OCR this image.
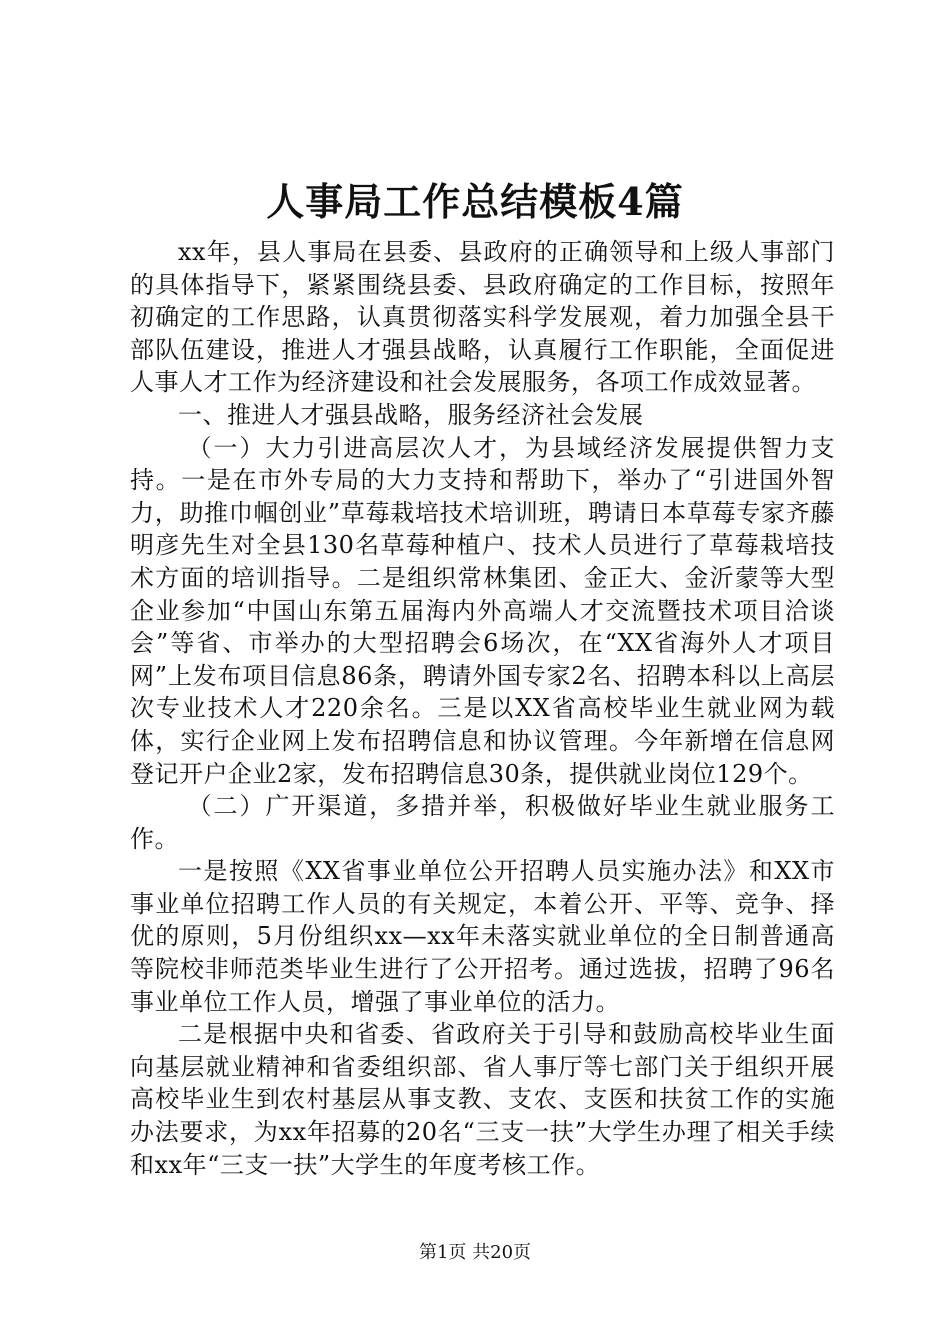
人事局工作总结模板4篇

xx年，县人事局在县委、县政府的正确领导和上级人事部门的具体指导下，紧紧围绕县委、县政府确定的工作目标，按照年初确定的工作思路，认真贯彻落实科学发展观，着力加强全县干部队伍建设，推进人才强县战略，认真履行工作职能，全面促进人事人才工作为经济建设和社会发展服务，各项工作成效显著。

一、推进人才强县战略，服务经济社会发展

（一）大力引进高层次人才，为县域经济发展提供智力支持。一是在市外专局的大力支持和帮助下，举办了“引进国外智力，助推巾帼创业”草莓栽培技术培训班，聘请日本草莓专家齐藤明彦先生对全县130名草莓种植户、技术人员进行了草莓栽培技术方面的培训指导。二是组织常林集团、金正大、金沂蒙等大型企业参加“中国山东第五届海内外高端人才交流暨技术项目洽谈会”等省、市举办的大型招聘会6场次，在“XX省海外人才项目网”上发布项目信息86条，聘请外国专家2名、招聘本科以上高层次专业技术人才220余名。三是以XX省高校毕业生就业网为载体，实行企业网上发布招聘信息和协议管理。今年新增在信息网登记开户企业2家，发布招聘信息30条，提供就业岗位129个。

（二）广开渠道，多措并举，积极做好毕业生就业服务工作。

一是按照《XX省事业单位公开招聘人员实施办法》和XX市事业单位招聘工作人员的有关规定，本着公开、平等、竞争、择优的原则，5月份组织xx—xx年未落实就业单位的全日制普通高等院校非师范类毕业生进行了公开招考。通过选拔，招聘了96名事业单位工作人员，增强了事业单位的活力。

二是根据中央和省委、省政府关于引导和鼓励高校毕业生面向基层就业精神和省委组织部、省人事厅等七部门关于组织开展高校毕业生到农村基层从事支教、支农、支医和扶贫工作的实施办法要求，为xx年招募的20名“三支一扶”大学生办理了相关手续和xx年“三支一扶”大学生的年度考核工作。

第1页 共20页
